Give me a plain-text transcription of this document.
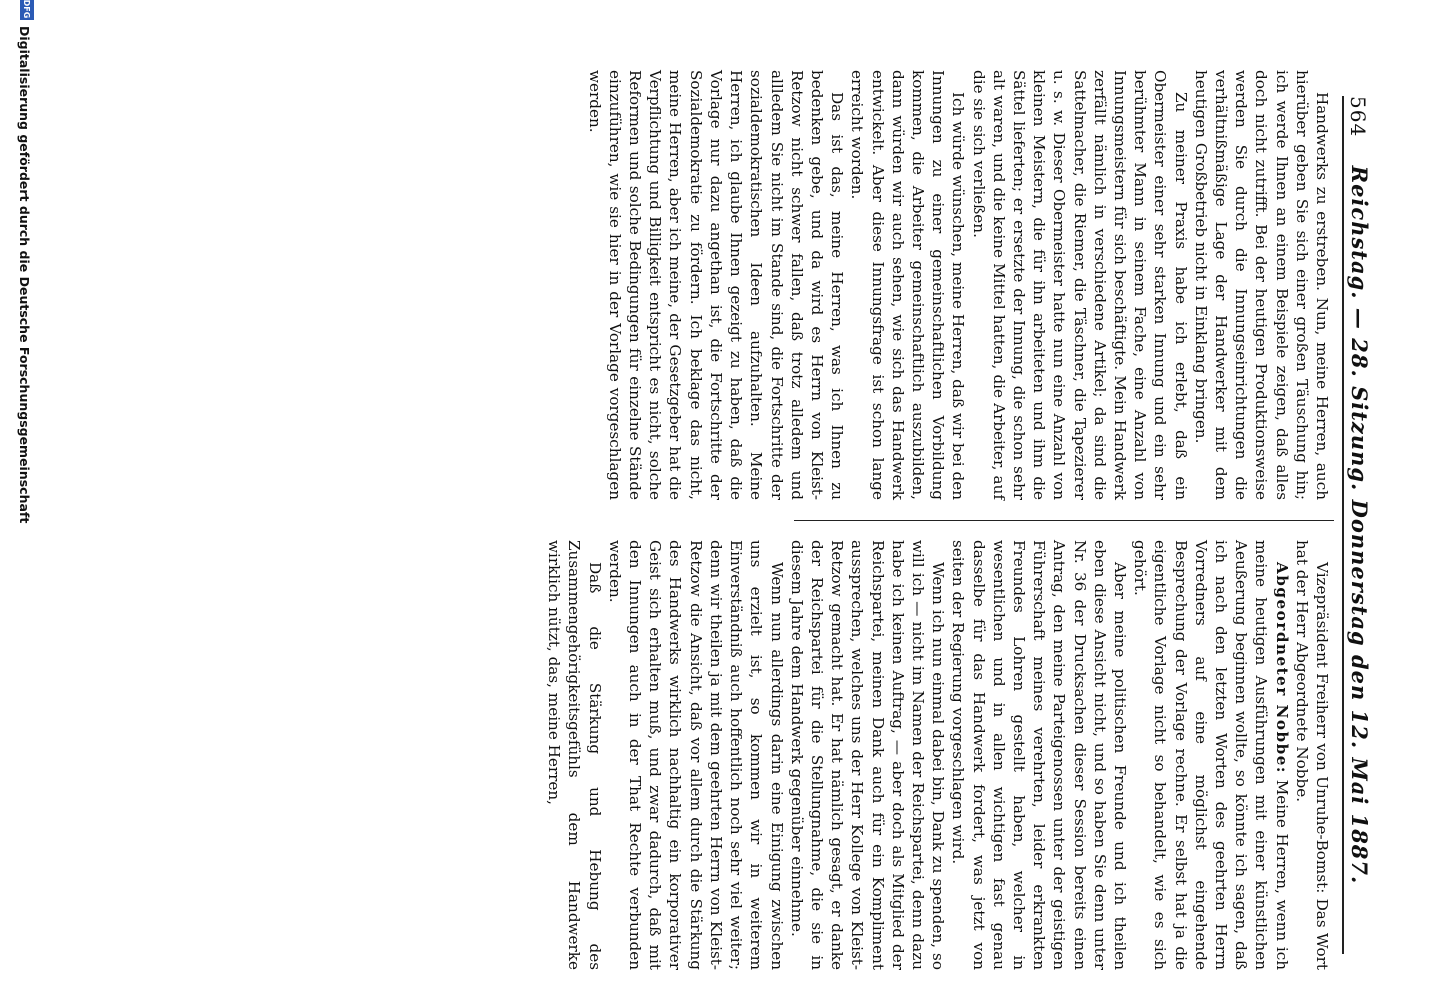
564
Reichstag. — 28. Sitzung. Donnerstag den 12. Mai 1887.

Handwerks zu erstreben. Nun, meine Herren, auch hierüber geben Sie sich einer großen Täuschung hin; ich werde Ihnen an einem Beispiele zeigen, daß alles doch nicht zutrifft. Bei der heutigen Produktionsweise werden Sie durch die Innungseinrichtungen die verhältnißmäßige Lage der Handwerker mit dem heutigen Großbetrieb nicht in Einklang bringen.

Zu meiner Praxis habe ich erlebt, daß ein Obermeister einer sehr starken Innung und ein sehr berühmter Mann in seinem Fache, eine Anzahl von Innungsmeistern für sich beschäftigte. Mein Handwerk zerfällt nämlich in verschiedene Artikel; da sind die Sattelmacher, die Riemer, die Täschner, die Tapezierer u. s. w. Dieser Obermeister hatte nun eine Anzahl von kleinen Meistern, die für ihn arbeiteten und ihm die Sättel lieferten; er ersetzte der Innung, die schon sehr alt waren, und die keine Mittel hatten, die Arbeiter, auf die sie sich verließen.

Ich würde wünschen, meine Herren, daß wir bei den Innungen zu einer gemeinschaftlichen Vorbildung kommen, die Arbeiter gemeinschaftlich auszubilden, dann würden wir auch sehen, wie sich das Handwerk entwickelt. Aber diese Innungsfrage ist schon lange erreicht worden.

Das ist das, meine Herren, was ich Ihnen zu bedenken gebe, und da wird es Herrn von Kleist-Retzow nicht schwer fallen, daß trotz alledem und allledem Sie nicht im Stande sind, die Fortschritte der sozialdemokratischen Ideen aufzuhalten. Meine Herren, ich glaube Ihnen gezeigt zu haben, daß die Vorlage nur dazu angethan ist, die Fortschritte der Sozialdemokratie zu fördern. Ich beklage das nicht, meine Herren, aber ich meine, der Gesetzgeber hat die Verpflichtung und Billigkeit entspricht es nicht, solche Reformen und solche Bedingungen für einzelne Stände einzuführen, wie sie hier in der Vorlage vorgeschlagen werden.

Vizepräsident Freiherr von Unruhe-Bomst: Das Wort hat der Herr Abgeordnete Nobbe.

Abgeordneter Nobbe: Meine Herren, wenn ich meine heutigen Ausführungen mit einer künstlichen Aeußerung beginnen wollte, so könnte ich sagen, daß ich nach den letzten Worten des geehrten Herrn Vorredners auf eine möglichst eingehende Besprechung der Vorlage rechne. Er selbst hat ja die eigentliche Vorlage nicht so behandelt, wie es sich gehört.

Aber meine politischen Freunde und ich theilen eben diese Ansicht nicht, und so haben Sie denn unter Nr. 36 der Drucksachen dieser Session bereits einen Antrag, den meine Parteigenossen unter der geistigen Führerschaft meines verehrten, leider erkrankten Freundes Lohren gestellt haben, welcher in wesentlichen und in allen wichtigen fast genau dasselbe für das Handwerk fordert, was jetzt von seiten der Regierung vorgeschlagen wird.

Wenn ich nun einmal dabei bin, Dank zu spenden, so will ich — nicht im Namen der Reichspartei, denn dazu habe ich keinen Auftrag, — aber doch als Mitglied der Reichspartei, meinen Dank auch für ein Kompliment aussprechen, welches uns der Herr Kollege von Kleist-Retzow gemacht hat. Er hat nämlich gesagt, er danke der Reichspartei für die Stellungnahme, die sie in diesem Jahre dem Handwerk gegenüber einnehme.

Wenn nun allerdings darin eine Einigung zwischen uns erzielt ist, so kommen wir in weiterem Einverständniß auch hoffentlich noch sehr viel weiter; denn wir theilen ja mit dem geehrten Herrn von Kleist-Retzow die Ansicht, daß vor allem durch die Stärkung des Handwerks wirklich nachhaltig ein korporativer Geist sich erhalten muß, und zwar dadurch, daß mit den Innungen auch in der That Rechte verbunden werden.

Daß die Stärkung und Hebung des Zusammengehörigkeitsgefühls dem Handwerke wirklich nützt, das, meine Herren,

DFG
Digitalisierung gefördert durch die Deutsche Forschungsgemeinschaft
